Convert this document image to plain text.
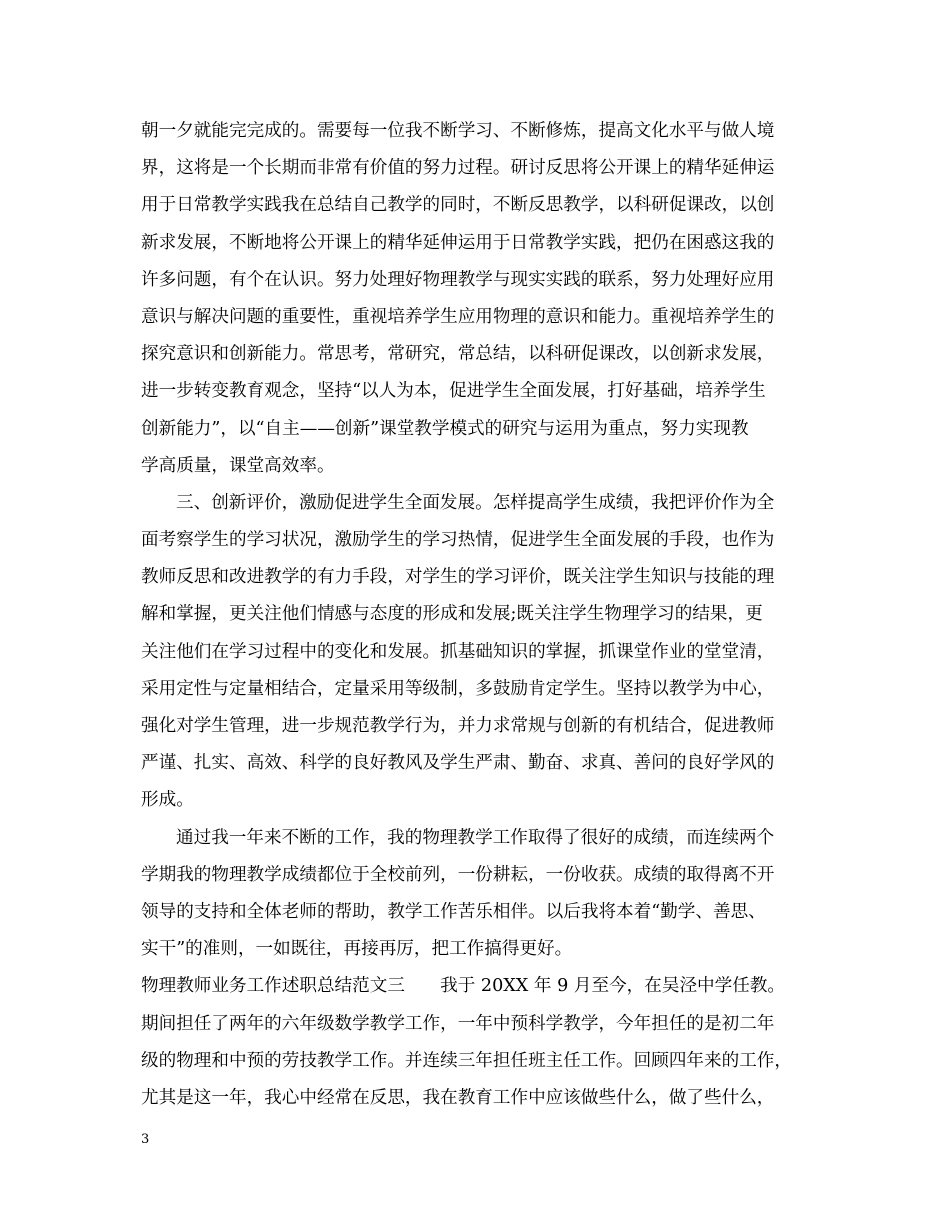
朝一夕就能完完成的。需要每一位我不断学习、不断修炼，提高文化水平与做人境
界，这将是一个长期而非常有价值的努力过程。研讨反思将公开课上的精华延伸运
用于日常教学实践我在总结自己教学的同时，不断反思教学，以科研促课改，以创
新求发展，不断地将公开课上的精华延伸运用于日常教学实践，把仍在困惑这我的
许多问题，有个在认识。努力处理好物理教学与现实实践的联系，努力处理好应用
意识与解决问题的重要性，重视培养学生应用物理的意识和能力。重视培养学生的
探究意识和创新能力。常思考，常研究，常总结，以科研促课改，以创新求发展，
进一步转变教育观念，坚持“以人为本，促进学生全面发展，打好基础，培养学生
创新能力”，以“自主——创新”课堂教学模式的研究与运用为重点，努力实现教
学高质量，课堂高效率。
三、创新评价，激励促进学生全面发展。怎样提高学生成绩，我把评价作为全
面考察学生的学习状况，激励学生的学习热情，促进学生全面发展的手段，也作为
教师反思和改进教学的有力手段，对学生的学习评价，既关注学生知识与技能的理
解和掌握，更关注他们情感与态度的形成和发展;既关注学生物理学习的结果，更
关注他们在学习过程中的变化和发展。抓基础知识的掌握，抓课堂作业的堂堂清，
采用定性与定量相结合，定量采用等级制，多鼓励肯定学生。坚持以教学为中心，
强化对学生管理，进一步规范教学行为，并力求常规与创新的有机结合，促进教师
严谨、扎实、高效、科学的良好教风及学生严肃、勤奋、求真、善问的良好学风的
形成。
通过我一年来不断的工作，我的物理教学工作取得了很好的成绩，而连续两个
学期我的物理教学成绩都位于全校前列，一份耕耘，一份收获。成绩的取得离不开
领导的支持和全体老师的帮助，教学工作苦乐相伴。以后我将本着“勤学、善思、
实干”的准则，一如既往，再接再厉，把工作搞得更好。
物理教师业务工作述职总结范文三　　我于 20XX 年 9 月至今，在吴泾中学任教。
期间担任了两年的六年级数学教学工作，一年中预科学教学，今年担任的是初二年
级的物理和中预的劳技教学工作。并连续三年担任班主任工作。回顾四年来的工作，
尤其是这一年，我心中经常在反思，我在教育工作中应该做些什么，做了些什么，
3
